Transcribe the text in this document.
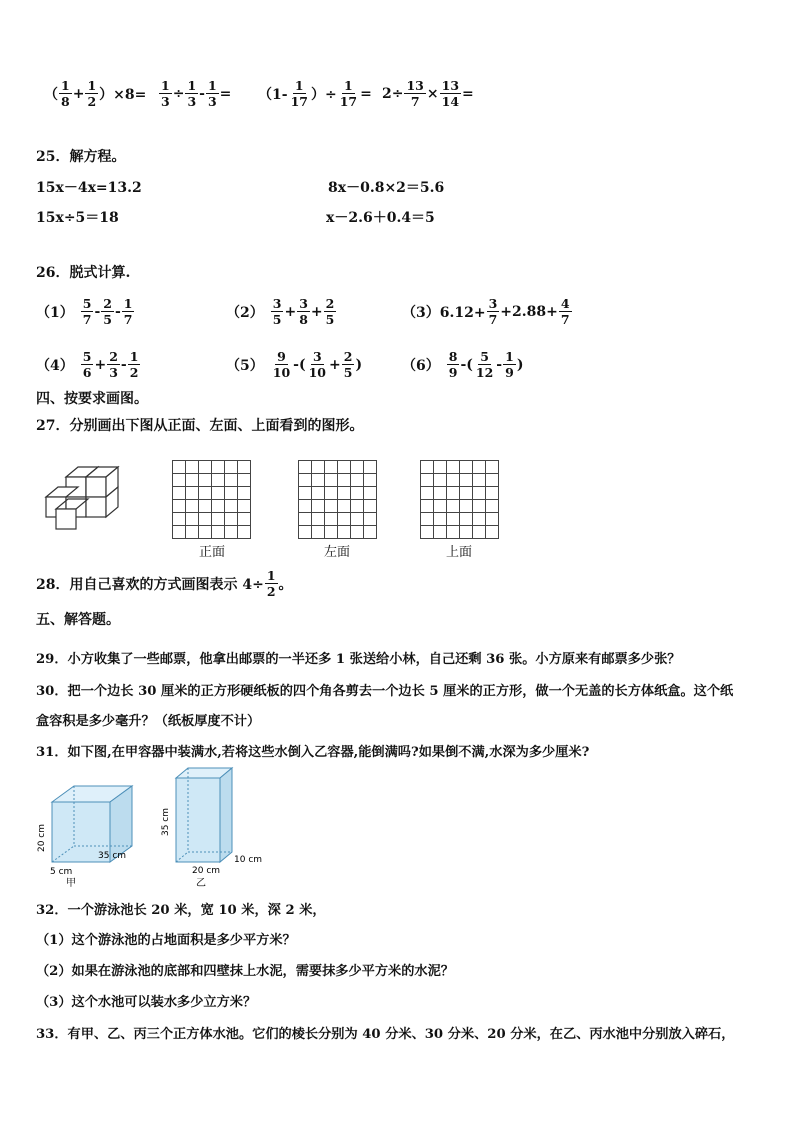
（ $\frac{1}{8} + \frac{1}{2} )\times 8= \frac{1}{3} \div \frac{1}{3} - \frac{1}{3} = (1- \frac{1}{17}$ ）÷ $\frac{1}{17} = 2\div \frac{13}{7} \times \frac{13}{14}$ =
25．解方程。
15x－4x=13.2	8x－0.8×2＝5.6
15x÷5＝18	x－2.6＋0.4＝5
26．脱式计算.
$(1) \frac{5}{7} - \frac{2}{5} - \frac{1}{7}$	$(2) \frac{3}{5} + \frac{3}{8} + \frac{2}{5}$	$(3)6.12+ \frac{3}{7} +2.88+ \frac{4}{7}$
$(4) \frac{5}{6} + \frac{2}{3} - \frac{1}{2}$	$(5) \frac{9}{10}$ -( $\frac{3}{10} + \frac{2}{5}$ )	$(6) \frac{8}{9}$ -( $\frac{5}{12} - \frac{1}{9}$ )
四、按要求画图。
27．分别画出下图从正面、左面、上面看到的图形。
正面	左面	上面
28．用自己喜欢的方式画图表示 $4\div \frac{1}{2}$ 。
五、解答题。
29．小方收集了一些邮票，他拿出邮票的一半还多 1 张送给小林，自己还剩 36 张。小方原来有邮票多少张？
30．把一个边长 30 厘米的正方形硬纸板的四个角各剪去一个边长 5 厘米的正方形，做一个无盖的长方体纸盒。这个纸
盒容积是多少毫升？（纸板厚度不计）
31．如下图,在甲容器中装满水,若将这些水倒入乙容器,能倒满吗?如果倒不满,水深为多少厘米?
20 cm
35 cm
5 cm
甲
35 cm
20 cm
10 cm
乙
32．一个游泳池长 20 米，宽 10 米，深 2 米，
（1）这个游泳池的占地面积是多少平方米？
（2）如果在游泳池的底部和四壁抹上水泥，需要抹多少平方米的水泥？
（3）这个水池可以装水多少立方米？
33．有甲、乙、丙三个正方体水池。它们的棱长分别为 40 分米、30 分米、20 分米，在乙、丙水池中分别放入碎石，
